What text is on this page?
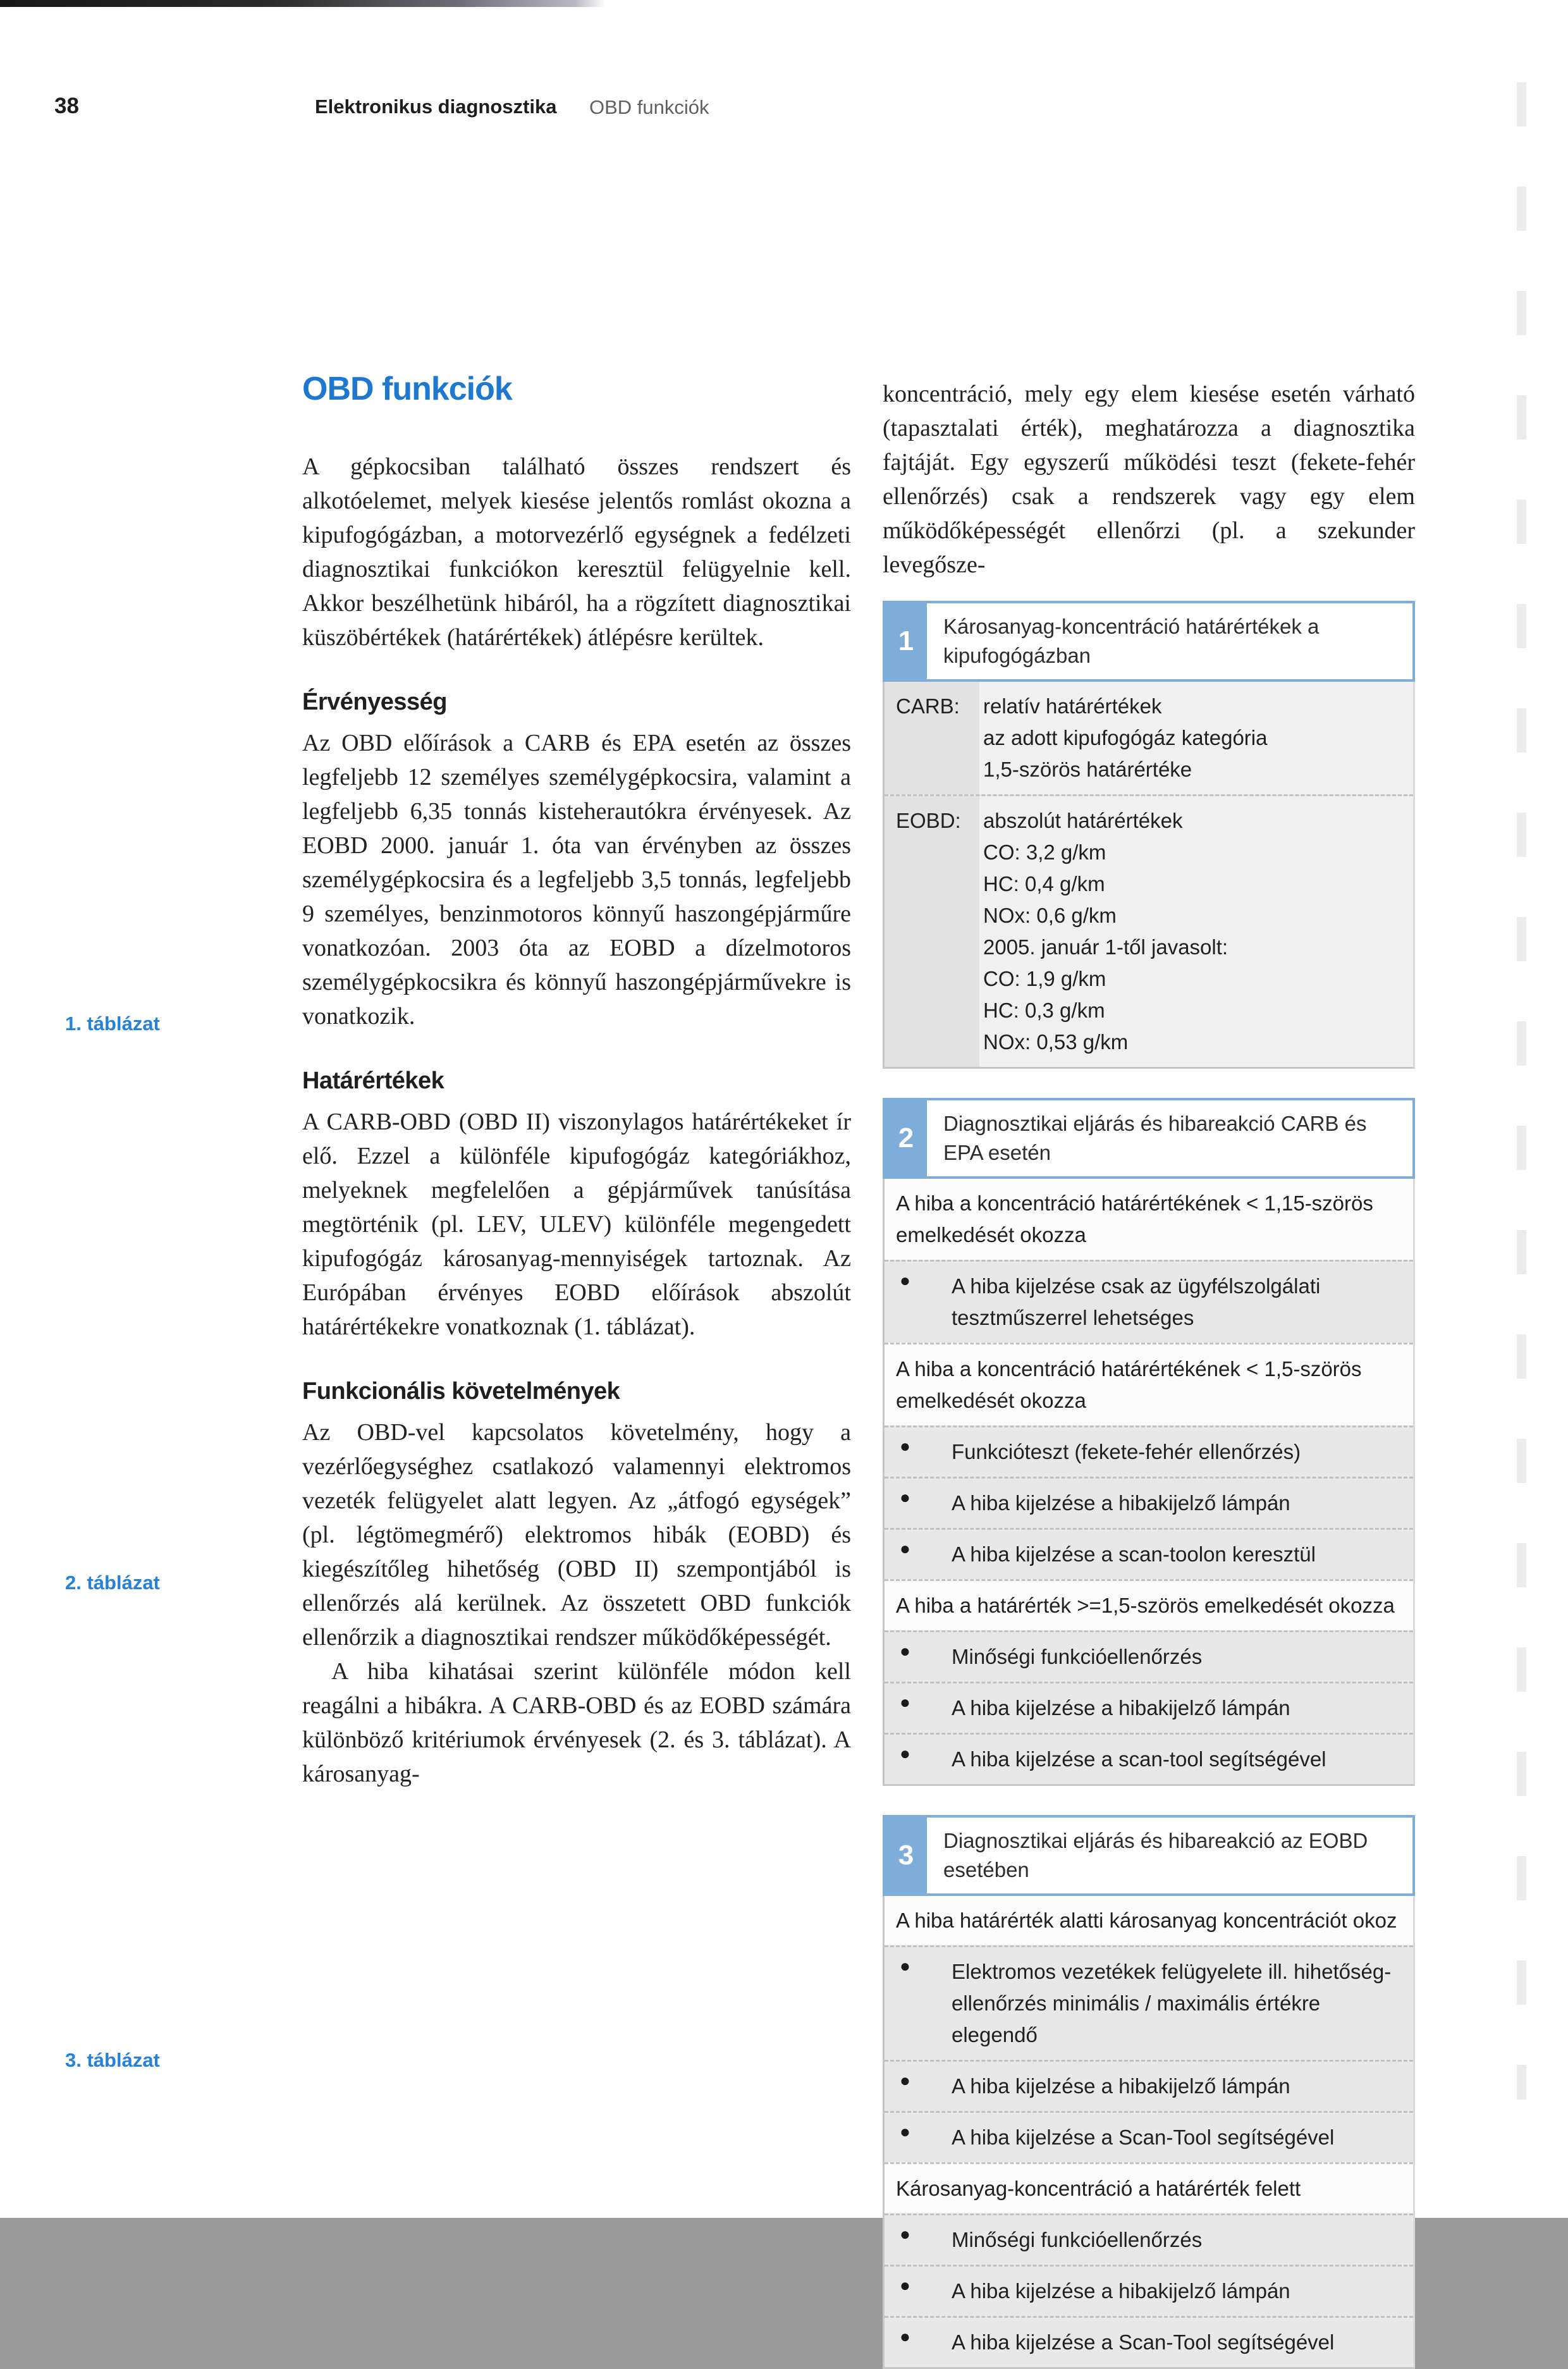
38	Elektronikus diagnosztika OBD funkciók
1. táblázat
2. táblázat
3. táblázat
OBD funkciók

A gépkocsiban található összes rendszert és alkotóelemet, melyek kiesése jelentős romlást okozna a kipufogógázban, a motorvezérlő egységnek a fedélzeti diagnosztikai funkciókon keresztül felügyelnie kell. Akkor beszélhetünk hibáról, ha a rögzített diagnosztikai küszöbértékek (határértékek) átlépésre kerültek.

Érvényesség

Az OBD előírások a CARB és EPA esetén az összes legfeljebb 12 személyes személygépkocsira, valamint a legfeljebb 6,35 tonnás kisteherautókra érvényesek. Az EOBD 2000. január 1. óta van érvényben az összes személygépkocsira és a legfeljebb 3,5 tonnás, legfeljebb 9 személyes, benzinmotoros könnyű haszongépjárműre vonatkozóan. 2003 óta az EOBD a dízelmotoros személygépkocsikra és könnyű haszongépjárművekre is vonatkozik.

Határértékek

A CARB-OBD (OBD II) viszonylagos határértékeket ír elő. Ezzel a különféle kipufogógáz kategóriákhoz, melyeknek megfelelően a gépjárművek tanúsítása megtörténik (pl. LEV, ULEV) különféle megengedett kipufogógáz károsanyag-mennyiségek tartoznak. Az Európában érvényes EOBD előírások abszolút határértékekre vonatkoznak (1. táblázat).

Funkcionális követelmények

Az OBD-vel kapcsolatos követelmény, hogy a vezérlőegységhez csatlakozó valamennyi elektromos vezeték felügyelet alatt legyen. Az „átfogó egységek” (pl. légtömegmérő) elektromos hibák (EOBD) és kiegészítőleg hihetőség (OBD II) szempontjából is ellenőrzés alá kerülnek. Az összetett OBD funkciók ellenőrzik a diagnosztikai rendszer működőképességét.

A hiba kihatásai szerint különféle módon kell reagálni a hibákra. A CARB-OBD és az EOBD számára különböző kritériumok érvényesek (2. és 3. táblázat). A károsanyag-

koncentráció, mely egy elem kiesése esetén várható (tapasztalati érték), meghatározza a diagnosztika fajtáját. Egy egyszerű működési teszt (fekete-fehér ellenőrzés) csak a rendszerek vagy egy elem működőképességét ellenőrzi (pl. a szekunder levegősze-

1	Károsanyag-koncentráció határértékek a kipufogógázban
CARB:	relatív határértékek
az adott kipufogógáz kategória
1,5-szörös határértéke
EOBD:	abszolút határértékek
CO: 3,2 g/km
HC: 0,4 g/km
NOx: 0,6 g/km
2005. január 1-től javasolt:
CO: 1,9 g/km
HC: 0,3 g/km
NOx: 0,53 g/km
2	Diagnosztikai eljárás és hibareakció CARB és EPA esetén
A hiba a koncentráció határértékének < 1,15-szörös emelkedését okozza
●
A hiba kijelzése csak az ügyfélszolgálati tesztműszerrel lehetséges
A hiba a koncentráció határértékének < 1,5-szörös emelkedését okozza
●
Funkcióteszt (fekete-fehér ellenőrzés)
●
A hiba kijelzése a hibakijelző lámpán
●
A hiba kijelzése a scan-toolon keresztül
A hiba a határérték >=1,5-szörös emelkedését okozza
●
Minőségi funkcióellenőrzés
●
A hiba kijelzése a hibakijelző lámpán
●
A hiba kijelzése a scan-tool segítségével
3	Diagnosztikai eljárás és hibareakció az EOBD esetében
A hiba határérték alatti károsanyag koncentrációt okoz
●
Elektromos vezetékek felügyelete ill. hihetőség-ellenőrzés minimális / maximális értékre elegendő
●
A hiba kijelzése a hibakijelző lámpán
●
A hiba kijelzése a Scan-Tool segítségével
Károsanyag-koncentráció a határérték felett
●
Minőségi funkcióellenőrzés
●
A hiba kijelzése a hibakijelző lámpán
●
A hiba kijelzése a Scan-Tool segítségével
